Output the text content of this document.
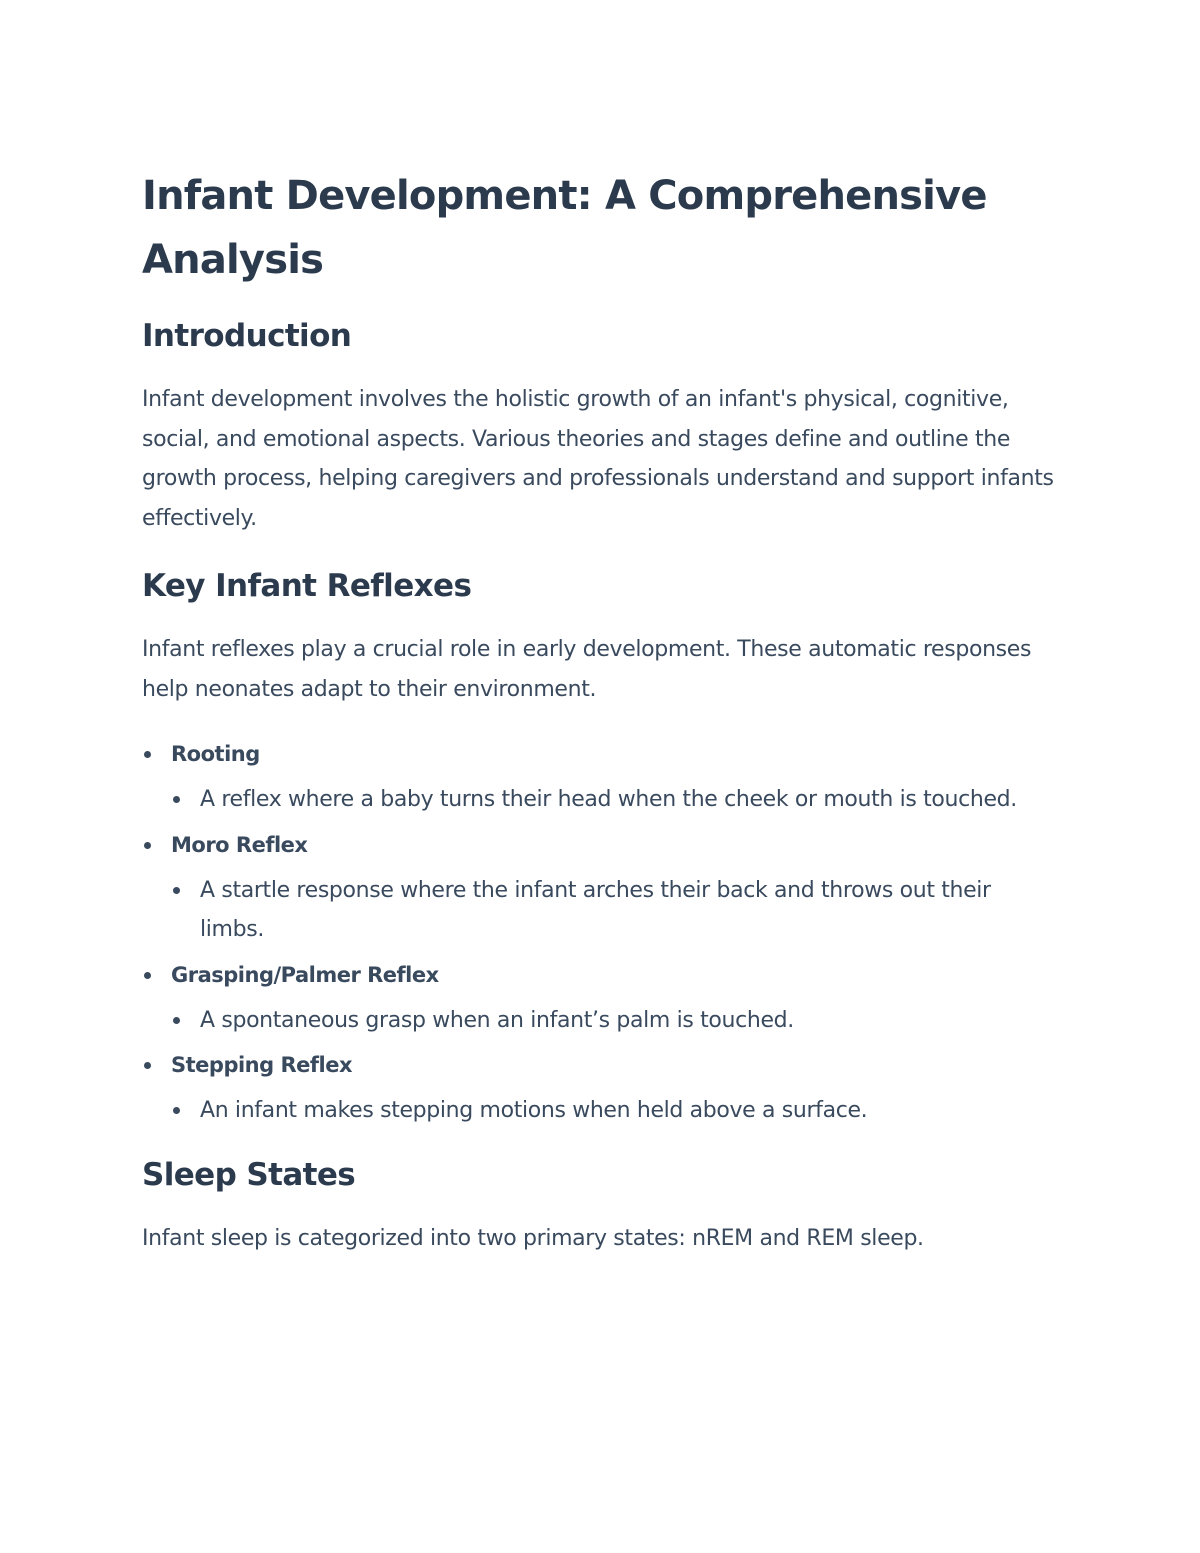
Infant Development: A Comprehensive Analysis
Introduction

Infant development involves the holistic growth of an infant's physical, cognitive, social, and emotional aspects. Various theories and stages define and outline the growth process, helping caregivers and professionals understand and support infants effectively.

Key Infant Reflexes

Infant reflexes play a crucial role in early development. These automatic responses help neonates adapt to their environment.

Rooting
A reflex where a baby turns their head when the cheek or mouth is touched.
Moro Reflex
A startle response where the infant arches their back and throws out their limbs.
Grasping/Palmer Reflex
A spontaneous grasp when an infant’s palm is touched.
Stepping Reflex
An infant makes stepping motions when held above a surface.
Sleep States

Infant sleep is categorized into two primary states: nREM and REM sleep.
